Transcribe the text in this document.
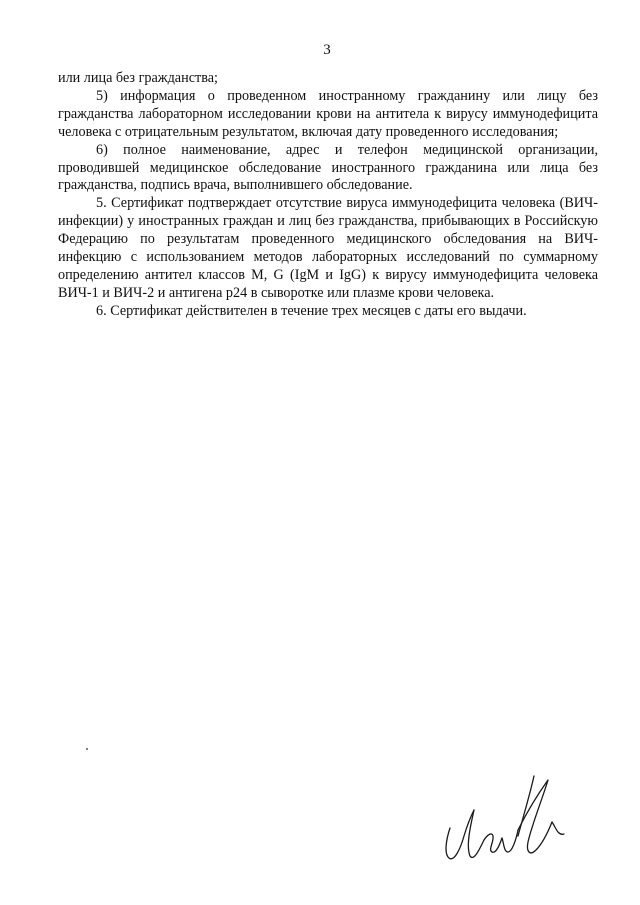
3

или лица без гражданства;

5) информация о проведенном иностранному гражданину или лицу без гражданства лабораторном исследовании крови на антитела к вирусу иммунодефицита человека с отрицательным результатом, включая дату проведенного исследования;

6) полное наименование, адрес и телефон медицинской организации, проводившей медицинское обследование иностранного гражданина или лица без гражданства, подпись врача, выполнившего обследование.

5. Сертификат подтверждает отсутствие вируса иммунодефицита человека (ВИЧ-инфекции) у иностранных граждан и лиц без гражданства, прибывающих в Российскую Федерацию по результатам проведенного медицинского обследования на ВИЧ-инфекцию с использованием методов лабораторных исследований по суммарному определению антител классов M, G (IgM и IgG) к вирусу иммунодефицита человека ВИЧ-1 и ВИЧ-2 и антигена p24 в сыворотке или плазме крови человека.

6. Сертификат действителен в течение трех месяцев с даты его выдачи.
